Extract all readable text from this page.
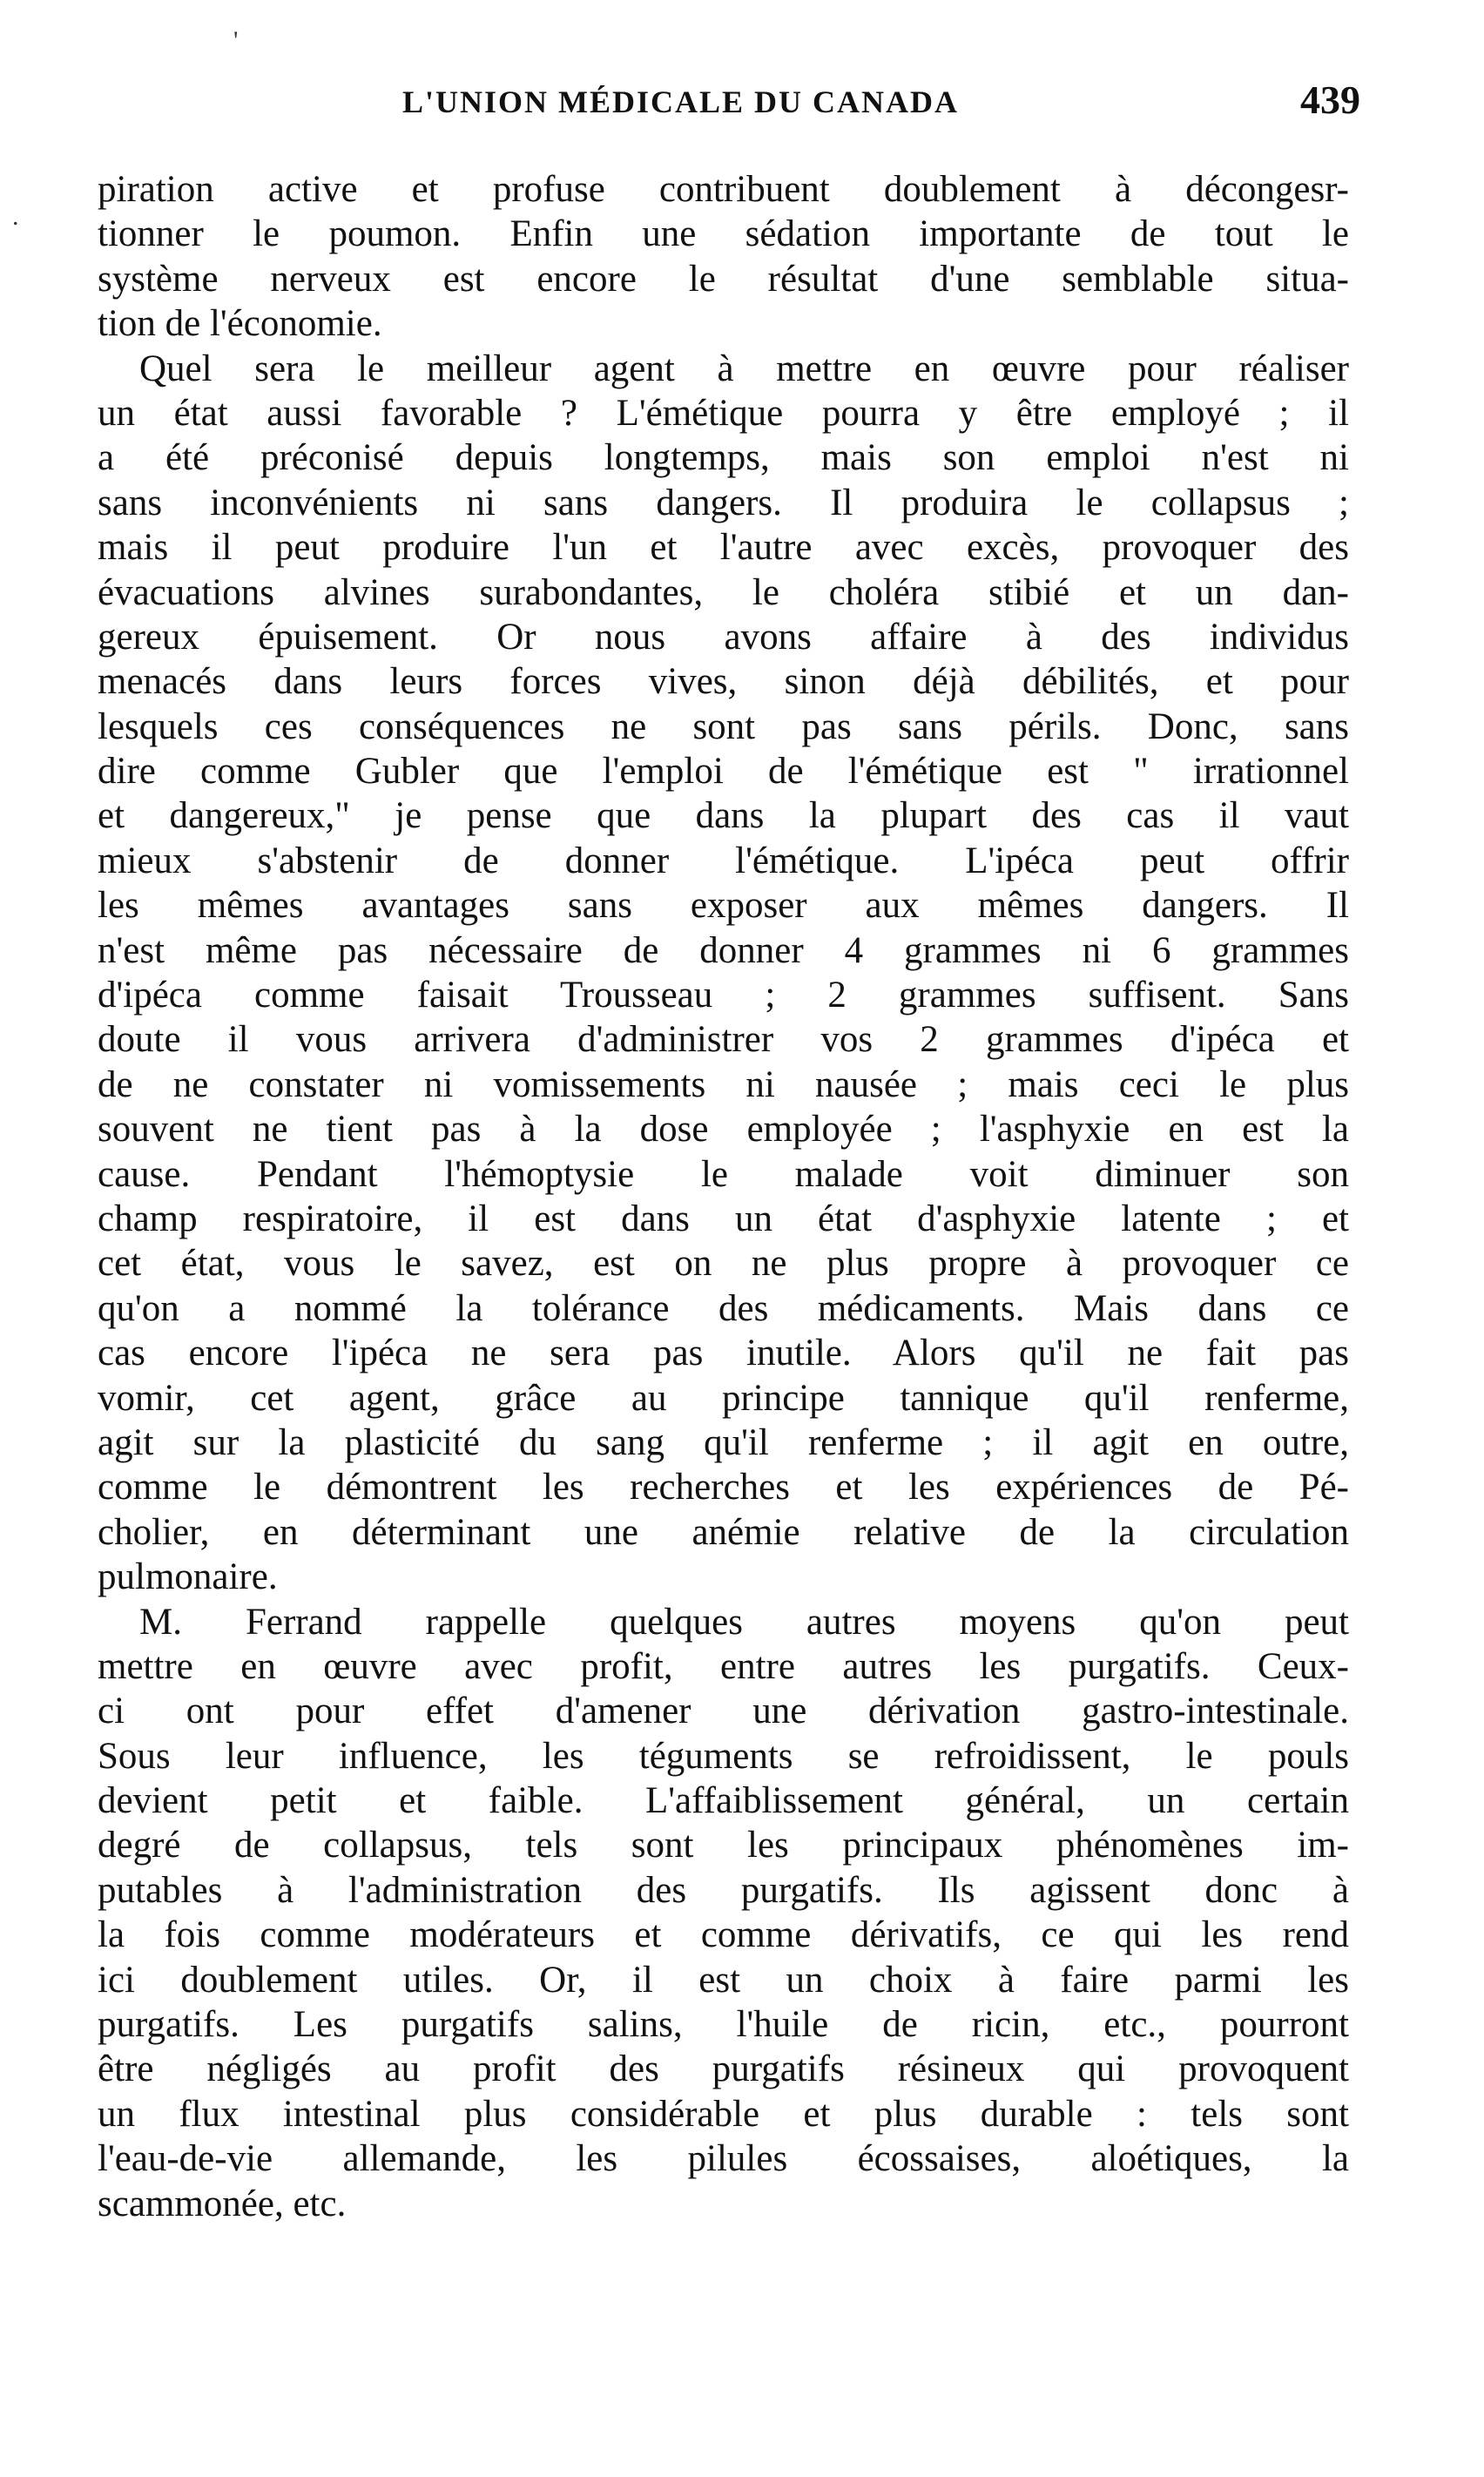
'
.
L'UNION MÉDICALE DU CANADA	439
piration active et profuse contribuent doublement à décongesr-
tionner le poumon. Enfin une sédation importante de tout le
système nerveux est encore le résultat d'une semblable situa-
tion de l'économie.
Quel sera le meilleur agent à mettre en œuvre pour réaliser
un état aussi favorable ? L'émétique pourra y être employé ; il
a été préconisé depuis longtemps, mais son emploi n'est ni
sans inconvénients ni sans dangers. Il produira le collapsus ;
mais il peut produire l'un et l'autre avec excès, provoquer des
évacuations alvines surabondantes, le choléra stibié et un dan-
gereux épuisement. Or nous avons affaire à des individus
menacés dans leurs forces vives, sinon déjà débilités, et pour
lesquels ces conséquences ne sont pas sans périls. Donc, sans
dire comme Gubler que l'emploi de l'émétique est " irrationnel
et dangereux," je pense que dans la plupart des cas il vaut
mieux s'abstenir de donner l'émétique. L'ipéca peut offrir
les mêmes avantages sans exposer aux mêmes dangers. Il
n'est même pas nécessaire de donner 4 grammes ni 6 grammes
d'ipéca comme faisait Trousseau ; 2 grammes suffisent. Sans
doute il vous arrivera d'administrer vos 2 grammes d'ipéca et
de ne constater ni vomissements ni nausée ; mais ceci le plus
souvent ne tient pas à la dose employée ; l'asphyxie en est la
cause. Pendant l'hémoptysie le malade voit diminuer son
champ respiratoire, il est dans un état d'asphyxie latente ; et
cet état, vous le savez, est on ne plus propre à provoquer ce
qu'on a nommé la tolérance des médicaments. Mais dans ce
cas encore l'ipéca ne sera pas inutile. Alors qu'il ne fait pas
vomir, cet agent, grâce au principe tannique qu'il renferme,
agit sur la plasticité du sang qu'il renferme ; il agit en outre,
comme le démontrent les recherches et les expériences de Pé-
cholier, en déterminant une anémie relative de la circulation
pulmonaire.
M. Ferrand rappelle quelques autres moyens qu'on peut
mettre en œuvre avec profit, entre autres les purgatifs. Ceux-
ci ont pour effet d'amener une dérivation gastro-intestinale.
Sous leur influence, les téguments se refroidissent, le pouls
devient petit et faible. L'affaiblissement général, un certain
degré de collapsus, tels sont les principaux phénomènes im-
putables à l'administration des purgatifs. Ils agissent donc à
la fois comme modérateurs et comme dérivatifs, ce qui les rend
ici doublement utiles. Or, il est un choix à faire parmi les
purgatifs. Les purgatifs salins, l'huile de ricin, etc., pourront
être négligés au profit des purgatifs résineux qui provoquent
un flux intestinal plus considérable et plus durable : tels sont
l'eau-de-vie allemande, les pilules écossaises, aloétiques, la
scammonée, etc.
